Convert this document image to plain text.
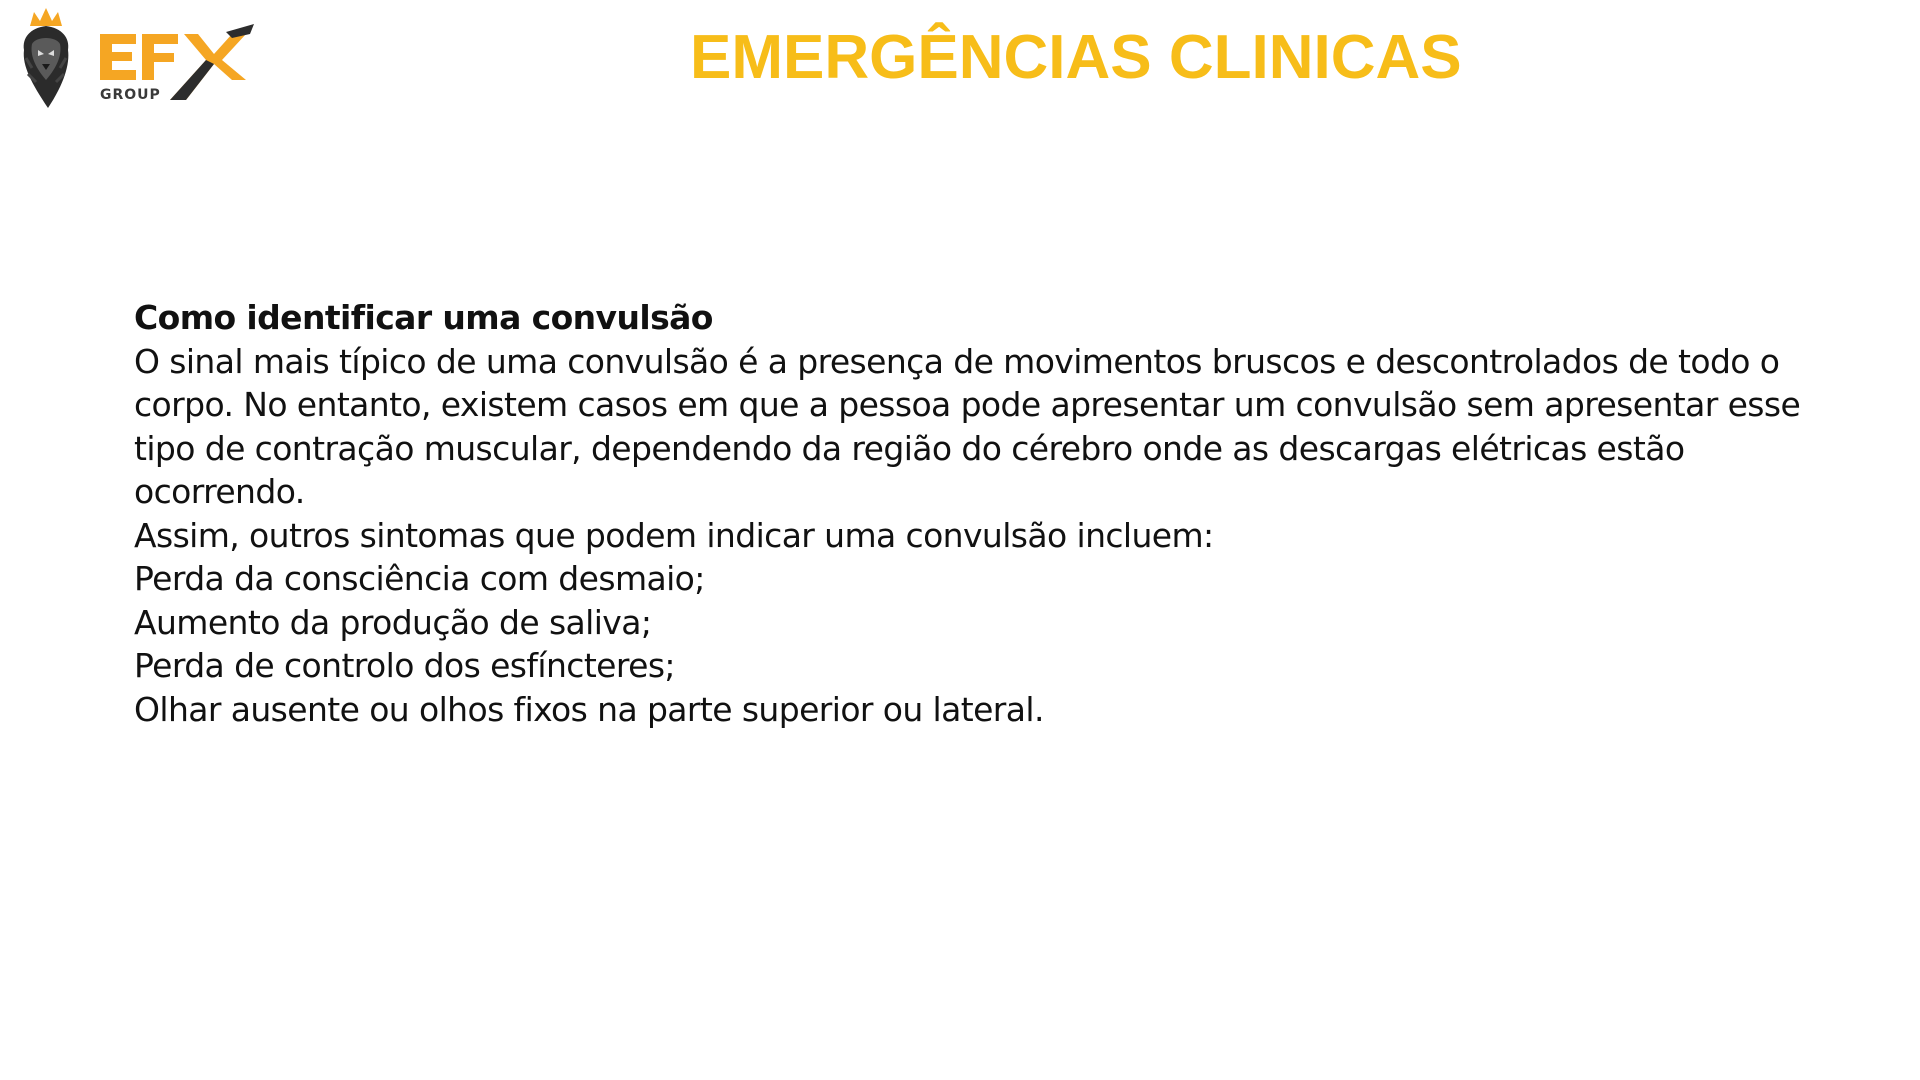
GROUP
EMERGÊNCIAS CLINICAS

Como identificar uma convulsão

O sinal mais típico de uma convulsão é a presença de movimentos bruscos e descontrolados de todo o corpo. No entanto, existem casos em que a pessoa pode apresentar um convulsão sem apresentar esse tipo de contração muscular, dependendo da região do cérebro onde as descargas elétricas estão ocorrendo.

Assim, outros sintomas que podem indicar uma convulsão incluem:

Perda da consciência com desmaio;

Aumento da produção de saliva;

Perda de controlo dos esfíncteres;

Olhar ausente ou olhos fixos na parte superior ou lateral.
